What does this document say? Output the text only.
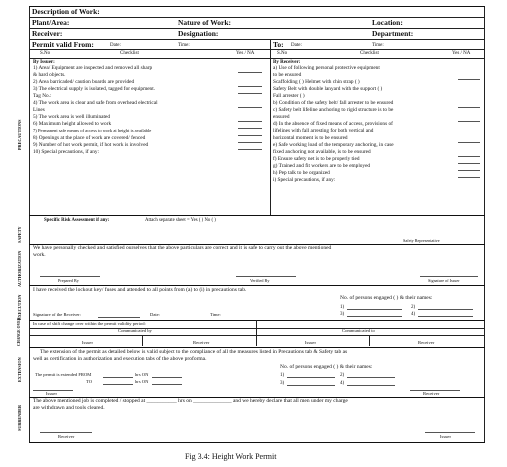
Description of Work:
Plant/Area:	Nature of Work:	Location:
Receiver:	Designation:	Department:
Permit valid From:	Date:	Time:	To: Date:	Time:
S.No	Checklist	Yes / NA	S.No	Checklist	Yes / NA
PRECAUTIONS
By Issuer:	By Receiver:
1) Area/ Equipment are inspected and removed all sharp
& hard objects.
2) Area barricaded/ caution boards are provided
3) The electrical supply is isolated, tagged for equipment.
Tag No.:
4) The work area is clear and safe from overhead electrical
Lines
5) The work area is well illuminated
6) Maximum height allowed to work
7) Permanent safe means of access to work at height is available
8) Openings at the place of work are covered/ fenced
9) Number of hot work permit, if hot work is involved
10) Special precautions, if any:
a) Use of following personal protective equipment
to be ensured
Scaffolding ( ) Helmet with chin strap ( )
Safety Belt with double lanyard with the support ( )
Fall arrester ( )
b) Condition of the safety belt/ fall arrester to be ensured
c) Safety belt lifeline anchoring to rigid structure is to be
ensured
d) In the absence of fixed means of access, provisions of
lifelines with fall arresting for both vertical and
horizontal moment is to be ensured
e) Safe working load of the temporary anchoring, in case
fixed anchoring not available, is to be ensured
f) Ensure safety net is to be properly tied
g) Trained and fit workers are to be employed
h) Pep talk to be organized
i) Special precautions, if any:
SAFETY
Specific Risk Assessment if any:	Attach separate sheet = Yes ( ) No ( )
Safety Representative
AUTHORIZATION
We have personally checked and satisfied ourselves that the above particulars are correct and it is safe to carry out the above mentioned
work.
Prepared By	Verified By	Signature of Issuer
EXECUTION
I have received the lockout key/ fuses and attended to all points from (a) to (i) in precautions tab.
No. of persons engaged ( ) & their names:
1)	2)
3)	4)
Signature of the Receiver:	Date:	Time:
CHANGE OVER	In case of shift change over within the permit validity period:
Communicated by	Communicated to
Issuer	Receiver	Issuer	Receiver
EXTENSION
The extension of the permit as detailed below is valid subject to the compliance of all the measures listed in Precautions tab & Safety tab as
well as certification in authorization and execution tabs of the above proforma.
No. of persons engaged ( ) & their names:
1)	2)
3)	4)
The permit is extended FROM	hrs ON
TO	hrs ON
Issuer	Receiver
SURRENDER
The above mentioned job is completed / stopped at ___________ hrs on ______________ and we hereby declare that all men under my charge
are withdrawn and tools cleared.
Receiver	Issuer
Fig 3.4: Height Work Permit
